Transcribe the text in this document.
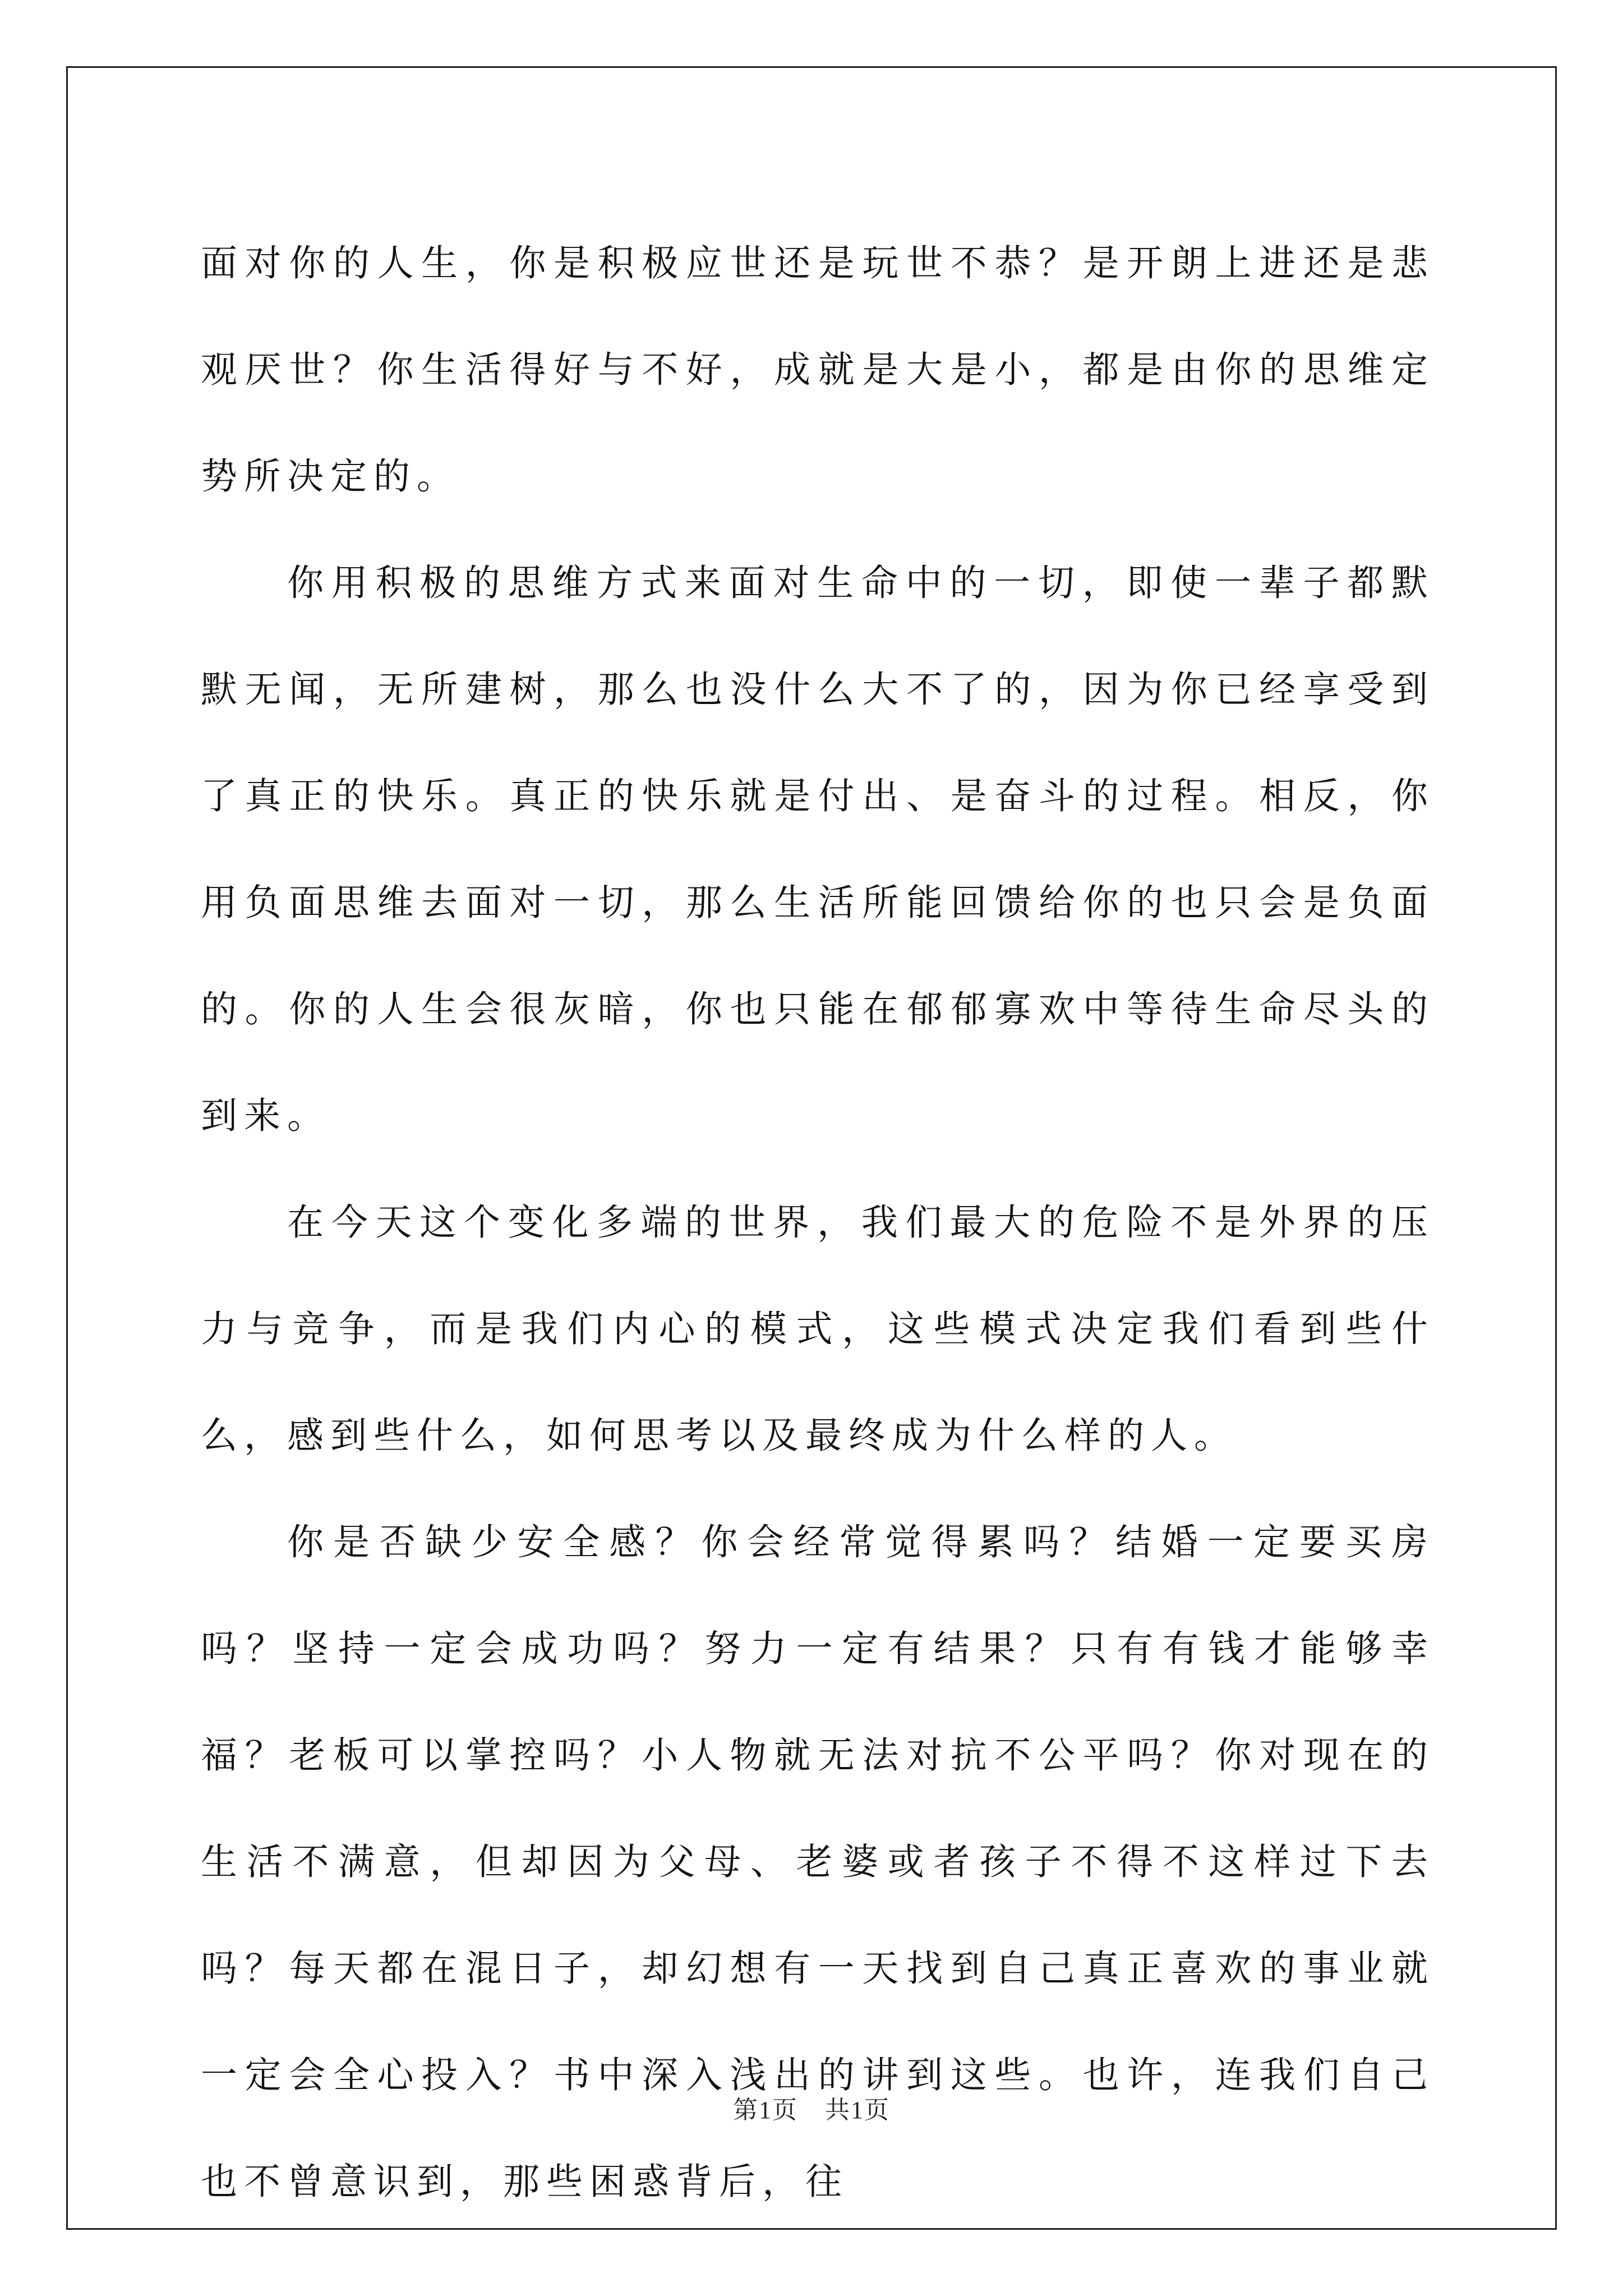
面对你的人生，你是积极应世还是玩世不恭？是开朗上进还是悲观厌世？你生活得好与不好，成就是大是小，都是由你的思维定势所决定的。

你用积极的思维方式来面对生命中的一切，即使一辈子都默默无闻，无所建树，那么也没什么大不了的，因为你已经享受到了真正的快乐。真正的快乐就是付出、是奋斗的过程。相反，你用负面思维去面对一切，那么生活所能回馈给你的也只会是负面的。你的人生会很灰暗，你也只能在郁郁寡欢中等待生命尽头的到来。

在今天这个变化多端的世界，我们最大的危险不是外界的压力与竞争，而是我们内心的模式，这些模式决定我们看到些什么，感到些什么，如何思考以及最终成为什么样的人。

你是否缺少安全感？你会经常觉得累吗？结婚一定要买房吗？坚持一定会成功吗？努力一定有结果？只有有钱才能够幸福？老板可以掌控吗？小人物就无法对抗不公平吗？你对现在的生活不满意，但却因为父母、老婆或者孩子不得不这样过下去吗？每天都在混日子，却幻想有一天找到自己真正喜欢的事业就一定会全心投入？书中深入浅出的讲到这些。也许，连我们自己也不曾意识到，那些困惑背后，往

第1页 共1页
